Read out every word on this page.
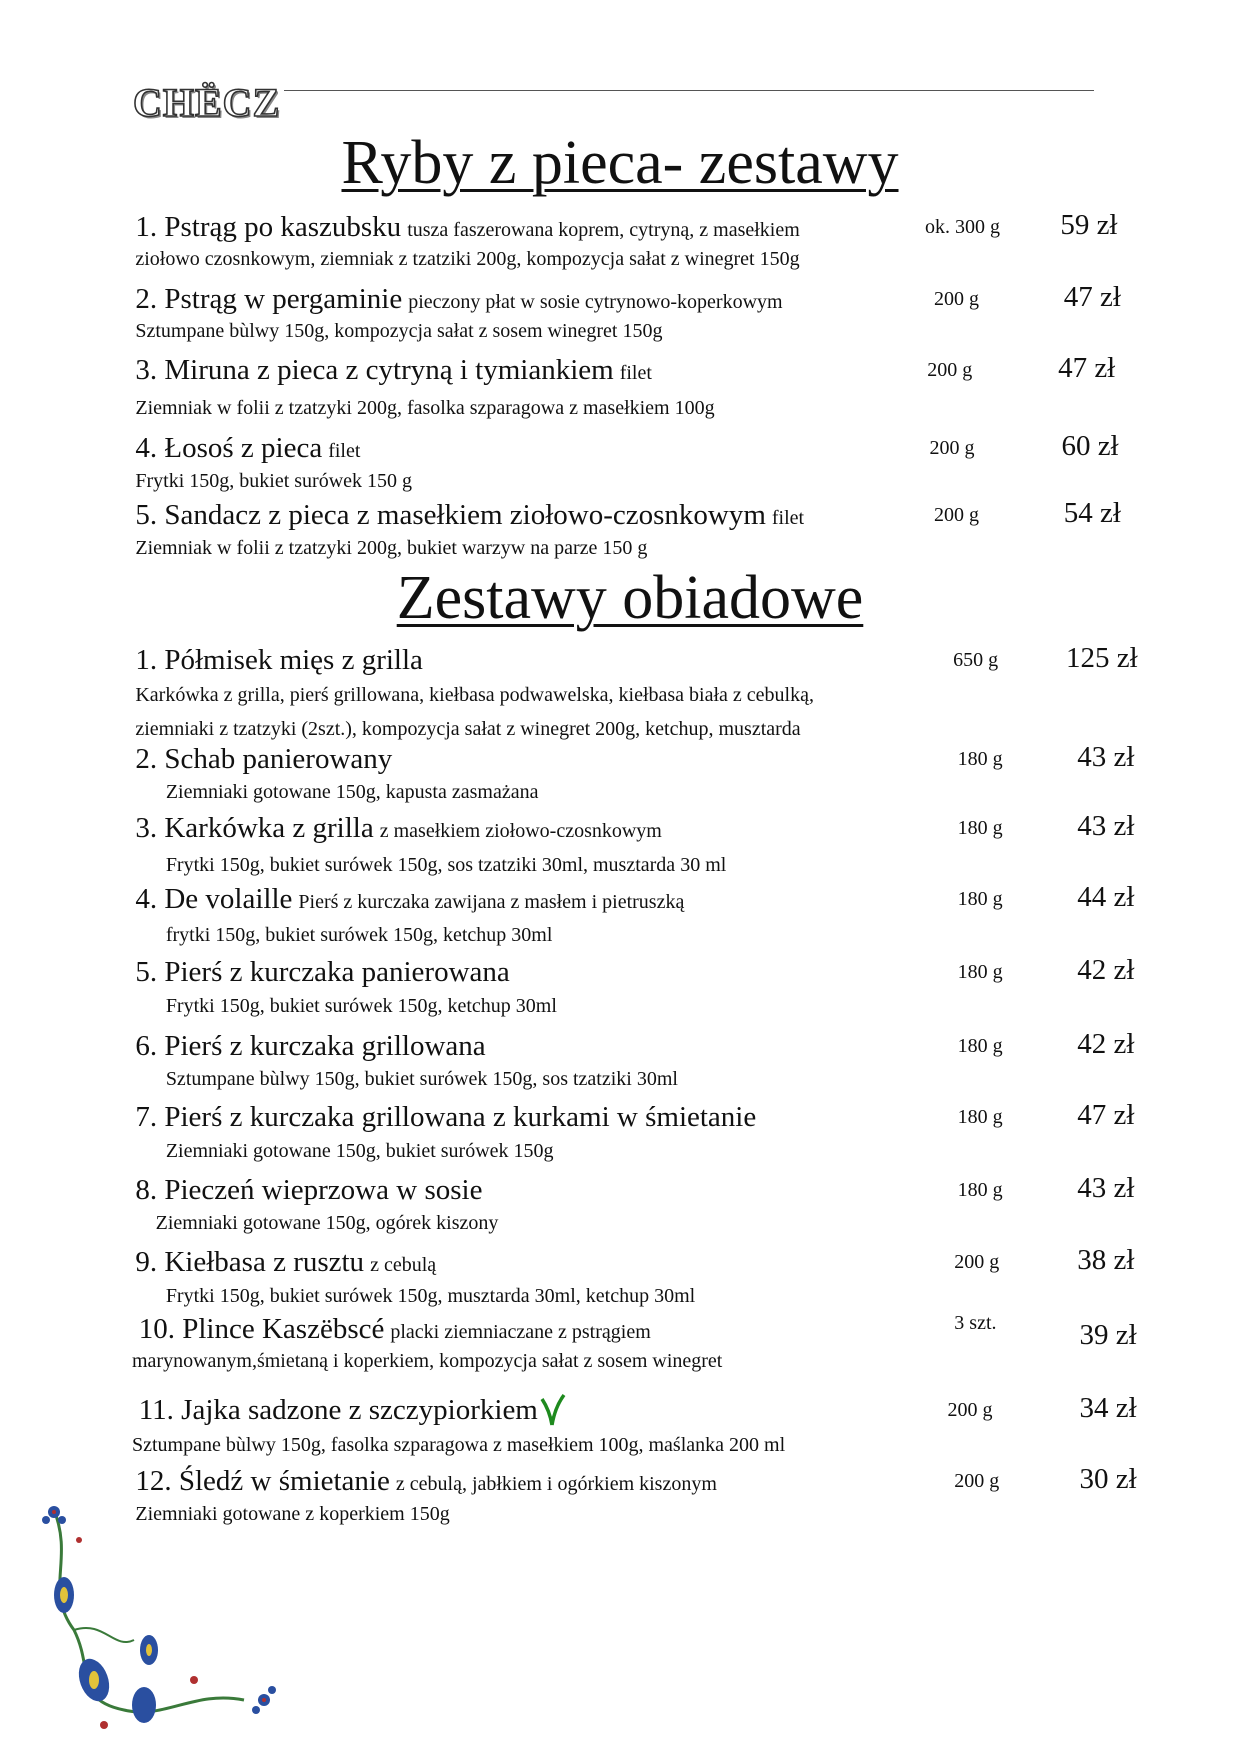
CHËCZ
Ryby z pieca- zestawy
1. Pstrąg po kaszubsku tusza faszerowana koprem, cytryną, z masełkiem
ziołowo czosnkowym, ziemniak z tzatziki 200g, kompozycja sałat z winegret 150g
ok. 300 g 59 zł
2. Pstrąg w pergaminie pieczony płat w sosie cytrynowo-koperkowym
Sztumpane bùlwy 150g, kompozycja sałat z sosem winegret 150g
200 g	47 zł
3. Miruna z pieca z cytryną i tymiankiem filet
Ziemniak w folii z tzatzyki 200g, fasolka szparagowa z masełkiem 100g
200 g	47 zł
4. Łosoś z pieca filet
Frytki 150g, bukiet surówek 150 g
200 g	60 zł
5. Sandacz z pieca z masełkiem ziołowo-czosnkowym filet
Ziemniak w folii z tzatzyki 200g, bukiet warzyw na parze 150 g
200 g	54 zł
Zestawy obiadowe
1. Półmisek mięs z grilla
Karkówka z grilla, pierś grillowana, kiełbasa podwawelska, kiełbasa biała z cebulką,
ziemniaki z tzatzyki (2szt.), kompozycja sałat z winegret 200g, ketchup, musztarda
650 g 125 zł
2. Schab panierowany
Ziemniaki gotowane 150g, kapusta zasmażana
180 g	43 zł
3. Karkówka z grilla z masełkiem ziołowo-czosnkowym
Frytki 150g, bukiet surówek 150g, sos tzatziki 30ml, musztarda 30 ml
180 g	43 zł
4. De volaille Pierś z kurczaka zawijana z masłem i pietruszką
frytki 150g, bukiet surówek 150g, ketchup 30ml
180 g	44 zł
5. Pierś z kurczaka panierowana
Frytki 150g, bukiet surówek 150g, ketchup 30ml
180 g	42 zł
6. Pierś z kurczaka grillowana
Sztumpane bùlwy 150g, bukiet surówek 150g, sos tzatziki 30ml
180 g	42 zł
7. Pierś z kurczaka grillowana z kurkami w śmietanie
Ziemniaki gotowane 150g, bukiet surówek 150g
180 g	47 zł
8. Pieczeń wieprzowa w sosie
Ziemniaki gotowane 150g, ogórek kiszony
180 g	43 zł
9. Kiełbasa z rusztu z cebulą
Frytki 150g, bukiet surówek 150g, musztarda 30ml, ketchup 30ml
200 g	38 zł
10. Plince Kaszëbscé placki ziemniaczane z pstrągiem
marynowanym,śmietaną i koperkiem, kompozycja sałat z sosem winegret
3 szt.	39 zł
11. Jajka sadzone z szczypiorkiem
Sztumpane bùlwy 150g, fasolka szparagowa z masełkiem 100g, maślanka 200 ml
200 g	34 zł
12. Śledź w śmietanie z cebulą, jabłkiem i ogórkiem kiszonym
Ziemniaki gotowane z koperkiem 150g
200 g	30 zł
